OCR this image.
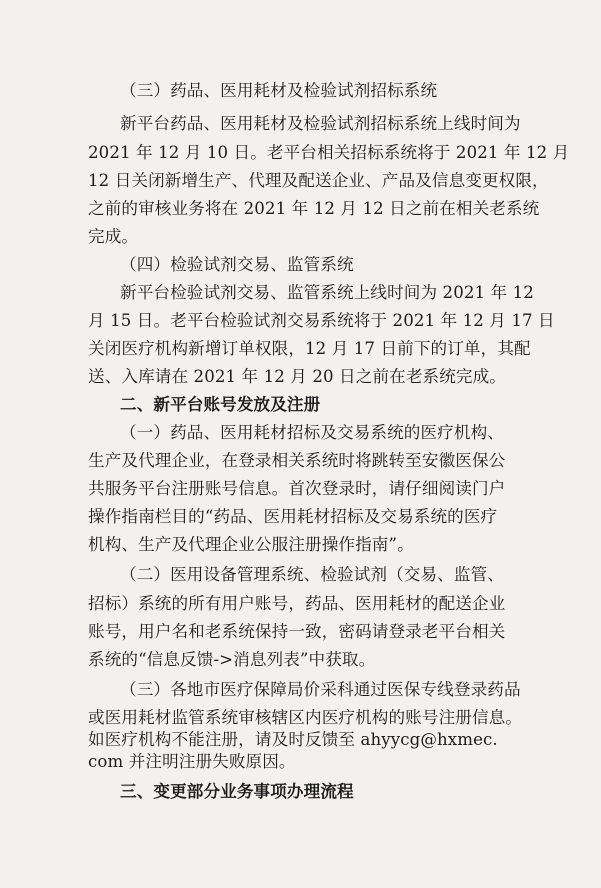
（三）药品、医用耗材及检验试剂招标系统

新平台药品、医用耗材及检验试剂招标系统上线时间为

2021 年 12 月 10 日。老平台相关招标系统将于 2021 年 12 月

12 日关闭新增生产、代理及配送企业、产品及信息变更权限，

之前的审核业务将在 2021 年 12 月 12 日之前在相关老系统

完成。

（四）检验试剂交易、监管系统

新平台检验试剂交易、监管系统上线时间为 2021 年 12

月 15 日。老平台检验试剂交易系统将于 2021 年 12 月 17 日

关闭医疗机构新增订单权限，12 月 17 日前下的订单，其配

送、入库请在 2021 年 12 月 20 日之前在老系统完成。

二、新平台账号发放及注册

（一）药品、医用耗材招标及交易系统的医疗机构、

生产及代理企业，在登录相关系统时将跳转至安徽医保公

共服务平台注册账号信息。首次登录时，请仔细阅读门户

操作指南栏目的“药品、医用耗材招标及交易系统的医疗

机构、生产及代理企业公服注册操作指南”。

（二）医用设备管理系统、检验试剂（交易、监管、

招标）系统的所有用户账号，药品、医用耗材的配送企业

账号，用户名和老系统保持一致，密码请登录老平台相关

系统的“信息反馈->消息列表”中获取。

（三）各地市医疗保障局价采科通过医保专线登录药品

或医用耗材监管系统审核辖区内医疗机构的账号注册信息。如医疗机构不能注册，请及时反馈至 ahyycg@hxmec.

com 并注明注册失败原因。

三、变更部分业务事项办理流程
